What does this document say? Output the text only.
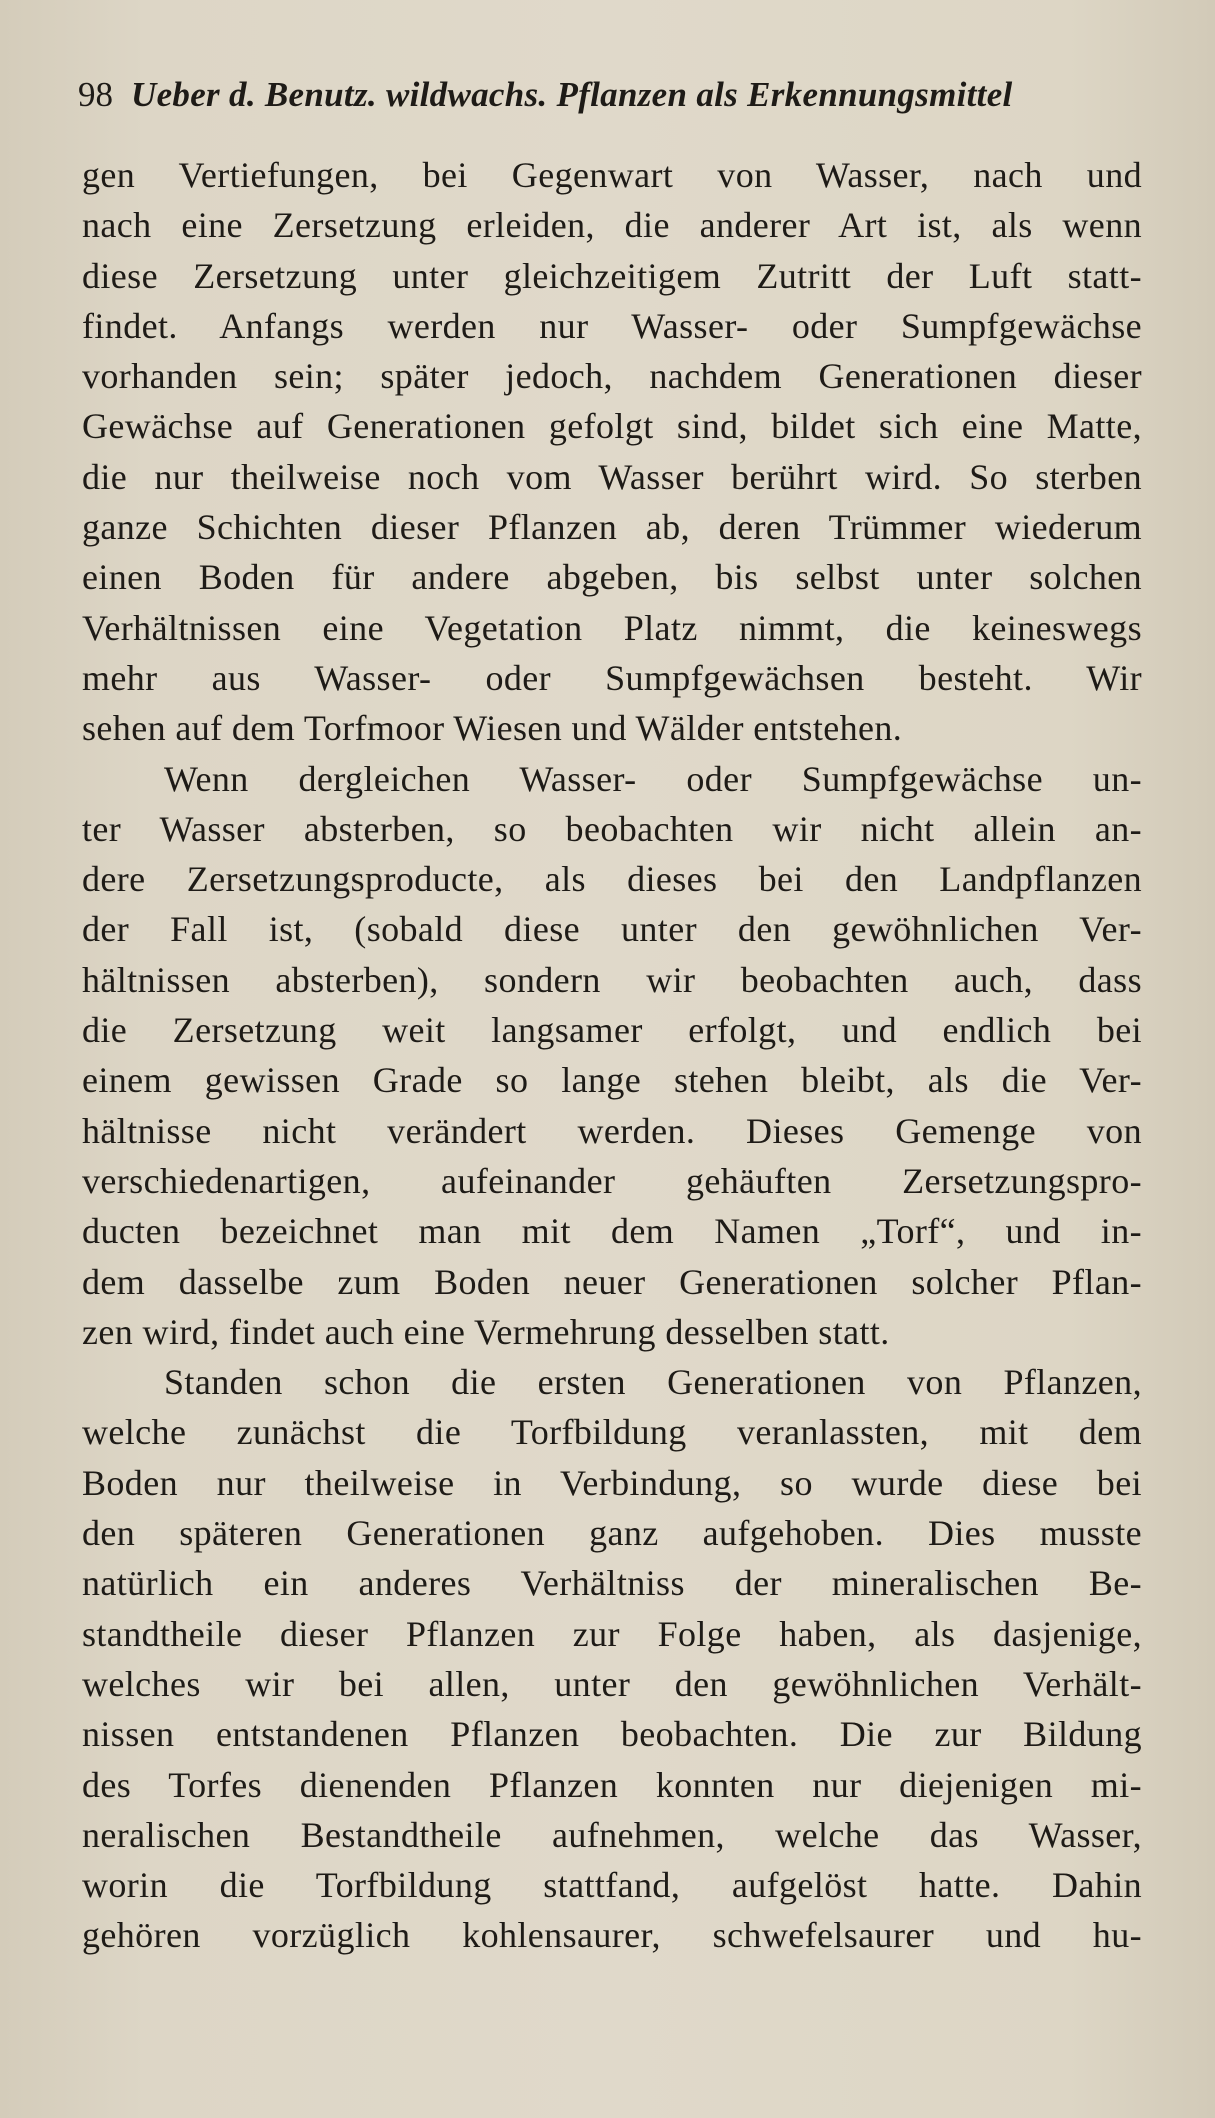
98 Ueber d. Benutz. wildwachs. Pflanzen als Erkennungsmittel
gen Vertiefungen, bei Gegenwart von Wasser, nach und
nach eine Zersetzung erleiden, die anderer Art ist, als wenn
diese Zersetzung unter gleichzeitigem Zutritt der Luft statt-
findet. Anfangs werden nur Wasser- oder Sumpfgewächse
vorhanden sein; später jedoch, nachdem Generationen dieser
Gewächse auf Generationen gefolgt sind, bildet sich eine Matte,
die nur theilweise noch vom Wasser berührt wird. So sterben
ganze Schichten dieser Pflanzen ab, deren Trümmer wiederum
einen Boden für andere abgeben, bis selbst unter solchen
Verhältnissen eine Vegetation Platz nimmt, die keineswegs
mehr aus Wasser- oder Sumpfgewächsen besteht. Wir
sehen auf dem Torfmoor Wiesen und Wälder entstehen.
Wenn dergleichen Wasser- oder Sumpfgewächse un-
ter Wasser absterben, so beobachten wir nicht allein an-
dere Zersetzungsproducte, als dieses bei den Landpflanzen
der Fall ist, (sobald diese unter den gewöhnlichen Ver-
hältnissen absterben), sondern wir beobachten auch, dass
die Zersetzung weit langsamer erfolgt, und endlich bei
einem gewissen Grade so lange stehen bleibt, als die Ver-
hältnisse nicht verändert werden. Dieses Gemenge von
verschiedenartigen, aufeinander gehäuften Zersetzungspro-
ducten bezeichnet man mit dem Namen „Torf“, und in-
dem dasselbe zum Boden neuer Generationen solcher Pflan-
zen wird, findet auch eine Vermehrung desselben statt.
Standen schon die ersten Generationen von Pflanzen,
welche zunächst die Torfbildung veranlassten, mit dem
Boden nur theilweise in Verbindung, so wurde diese bei
den späteren Generationen ganz aufgehoben. Dies musste
natürlich ein anderes Verhältniss der mineralischen Be-
standtheile dieser Pflanzen zur Folge haben, als dasjenige,
welches wir bei allen, unter den gewöhnlichen Verhält-
nissen entstandenen Pflanzen beobachten. Die zur Bildung
des Torfes dienenden Pflanzen konnten nur diejenigen mi-
neralischen Bestandtheile aufnehmen, welche das Wasser,
worin die Torfbildung stattfand, aufgelöst hatte. Dahin
gehören vorzüglich kohlensaurer, schwefelsaurer und hu-
